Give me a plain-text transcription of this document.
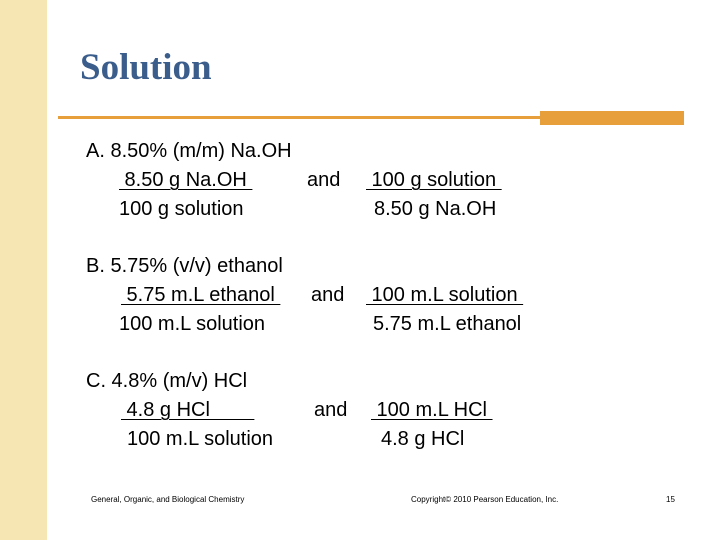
Solution
A. 8.50% (m/m) Na.OH
8.50 g Na.OH	and 100 g solution
100 g solution	8.50 g Na.OH
B. 5.75% (v/v) ethanol
5.75 m.L ethanol and 100 m.L solution
100 m.L solution	5.75 m.L ethanol
C. 4.8% (m/v) HCl
4.8 g HCl	and 100 m.L HCl
100 m.L solution	4.8 g HCl
General, Organic, and Biological Chemistry	Copyright© 2010 Pearson Education, Inc.	15
